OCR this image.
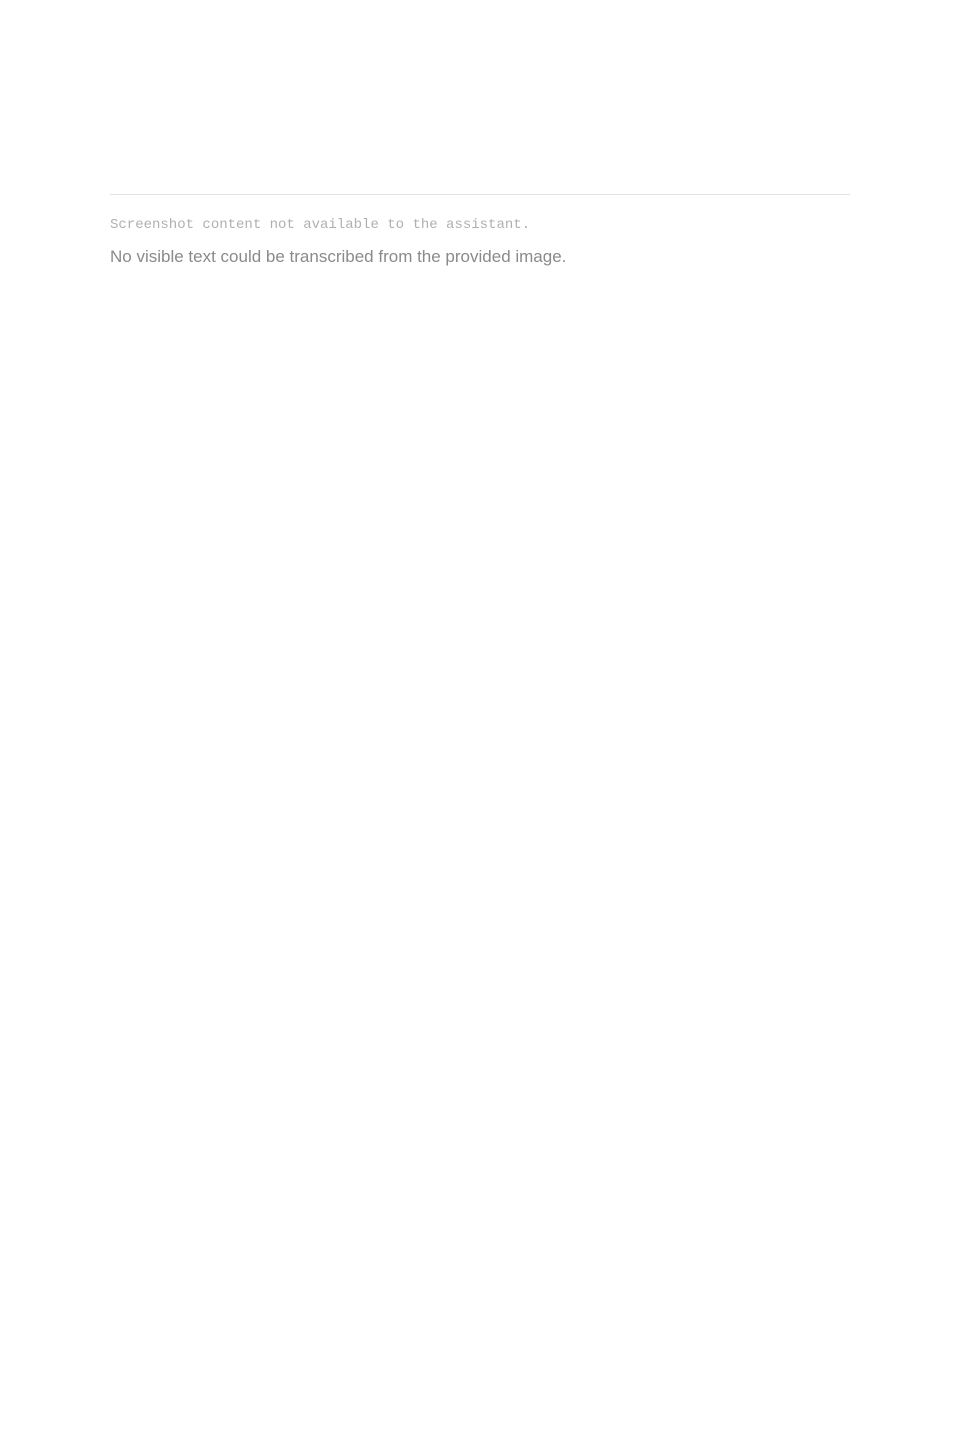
Screenshot content not available to the assistant.
No visible text could be transcribed from the provided image.
